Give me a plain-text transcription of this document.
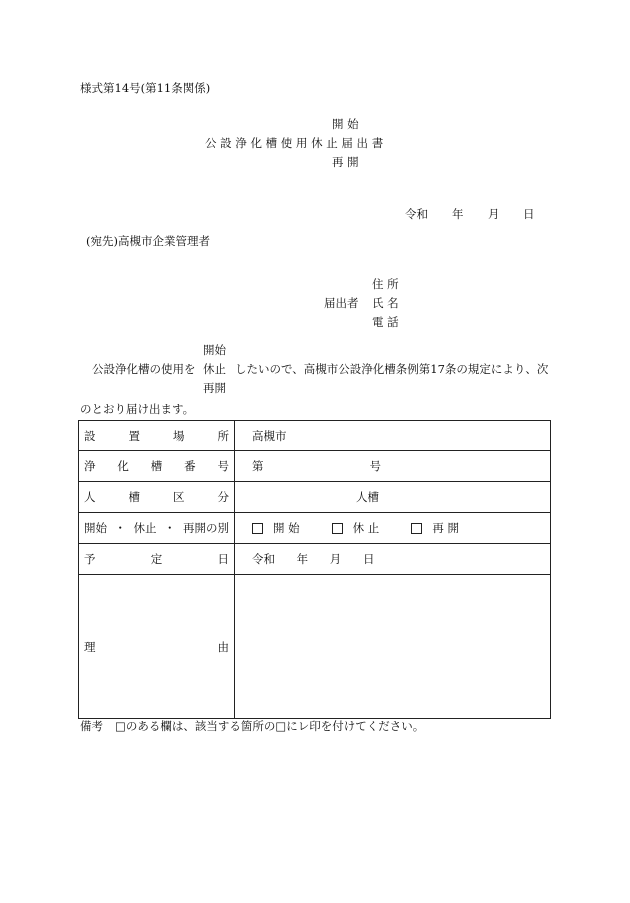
様式第14号(第11条関係)
開 始
公 設 浄 化 槽 使 用 休 止 届 出 書
再 開
令和 年 月 日
(宛先)高槻市企業管理者
住 所
届出者 氏 名
電 話
開始
公設浄化槽の使用を 休止 したいので、高槻市公設浄化槽条例第17条の規定により、次
再開
のとおり届け出ます。
設 置 場 所	高槻市

浄 化 槽 番 号	第 号

人 槽 区 分	人槽

開始 ・ 休止 ・ 再開の別	開 始 休 止 再 開

予 定 日	令和 年 月 日

理 由	

備考 □のある欄は、該当する箇所の□にレ印を付けてください。
